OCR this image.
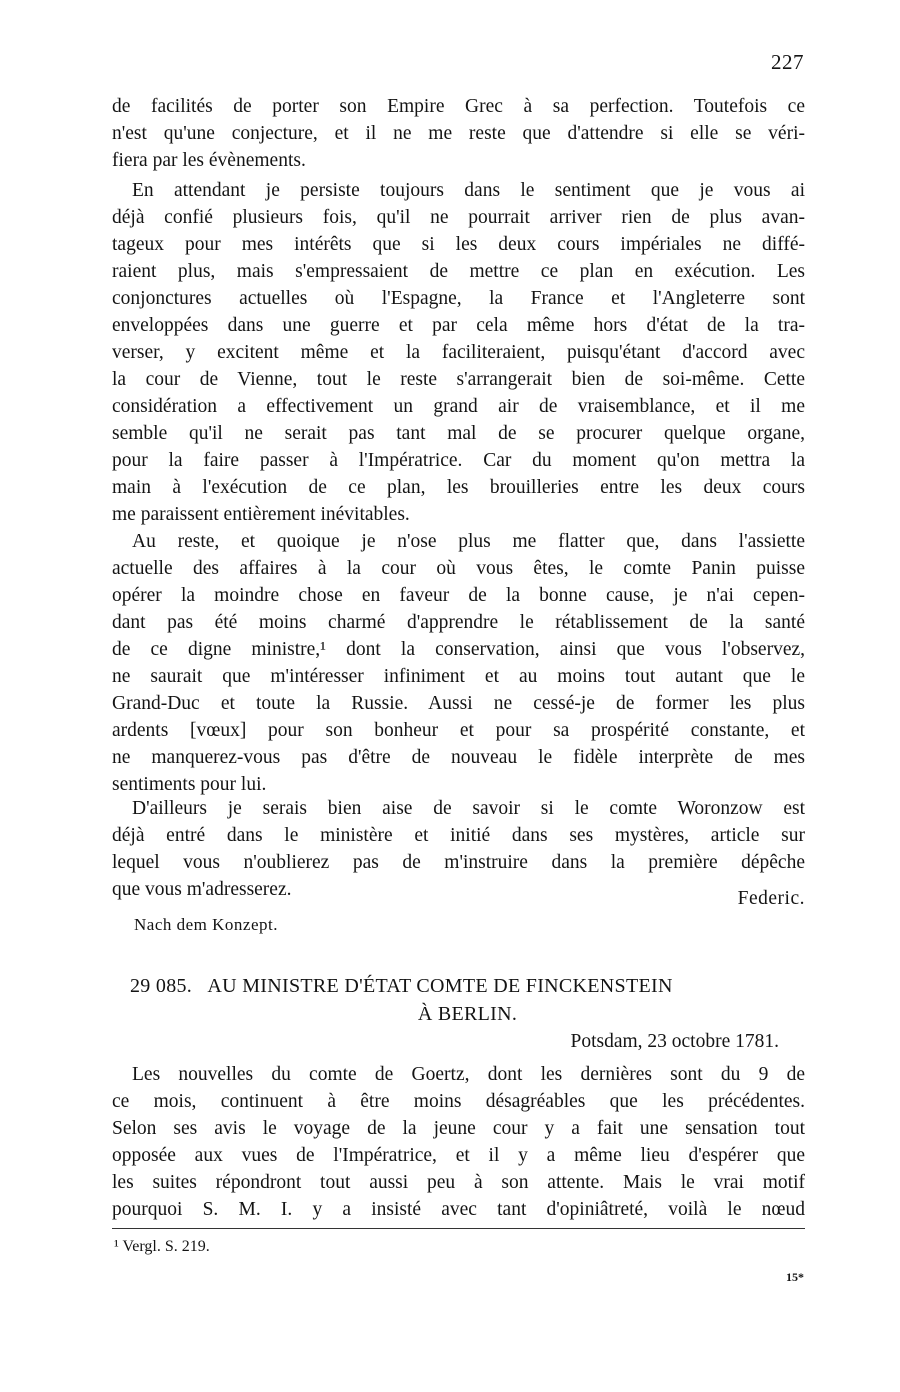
227
de facilités de porter son Empire Grec à sa perfection. Toutefois ce
n'est qu'une conjecture, et il ne me reste que d'attendre si elle se véri-
fiera par les évènements.
En attendant je persiste toujours dans le sentiment que je vous ai
déjà confié plusieurs fois, qu'il ne pourrait arriver rien de plus avan-
tageux pour mes intérêts que si les deux cours impériales ne diffé-
raient plus, mais s'empressaient de mettre ce plan en exécution. Les
conjonctures actuelles où l'Espagne, la France et l'Angleterre sont
enveloppées dans une guerre et par cela même hors d'état de la tra-
verser, y excitent même et la faciliteraient, puisqu'étant d'accord avec
la cour de Vienne, tout le reste s'arrangerait bien de soi-même. Cette
considération a effectivement un grand air de vraisemblance, et il me
semble qu'il ne serait pas tant mal de se procurer quelque organe,
pour la faire passer à l'Impératrice. Car du moment qu'on mettra la
main à l'exécution de ce plan, les brouilleries entre les deux cours
me paraissent entièrement inévitables.
Au reste, et quoique je n'ose plus me flatter que, dans l'assiette
actuelle des affaires à la cour où vous êtes, le comte Panin puisse
opérer la moindre chose en faveur de la bonne cause, je n'ai cepen-
dant pas été moins charmé d'apprendre le rétablissement de la santé
de ce digne ministre,¹ dont la conservation, ainsi que vous l'observez,
ne saurait que m'intéresser infiniment et au moins tout autant que le
Grand-Duc et toute la Russie. Aussi ne cessé-je de former les plus
ardents [vœux] pour son bonheur et pour sa prospérité constante, et
ne manquerez-vous pas d'être de nouveau le fidèle interprète de mes
sentiments pour lui.
D'ailleurs je serais bien aise de savoir si le comte Woronzow est
déjà entré dans le ministère et initié dans ses mystères, article sur
lequel vous n'oublierez pas de m'instruire dans la première dépêche
que vous m'adresserez.	Federic.
Nach dem Konzept.
29 085. AU MINISTRE D'ÉTAT COMTE DE FINCKENSTEIN
À BERLIN.
Potsdam, 23 octobre 1781.
Les nouvelles du comte de Goertz, dont les dernières sont du 9 de
ce mois, continuent à être moins désagréables que les précédentes.
Selon ses avis le voyage de la jeune cour y a fait une sensation tout
opposée aux vues de l'Impératrice, et il y a même lieu d'espérer que
les suites répondront tout aussi peu à son attente. Mais le vrai motif
pourquoi S. M. I. y a insisté avec tant d'opiniâtreté, voilà le nœud
¹ Vergl. S. 219.
15*
